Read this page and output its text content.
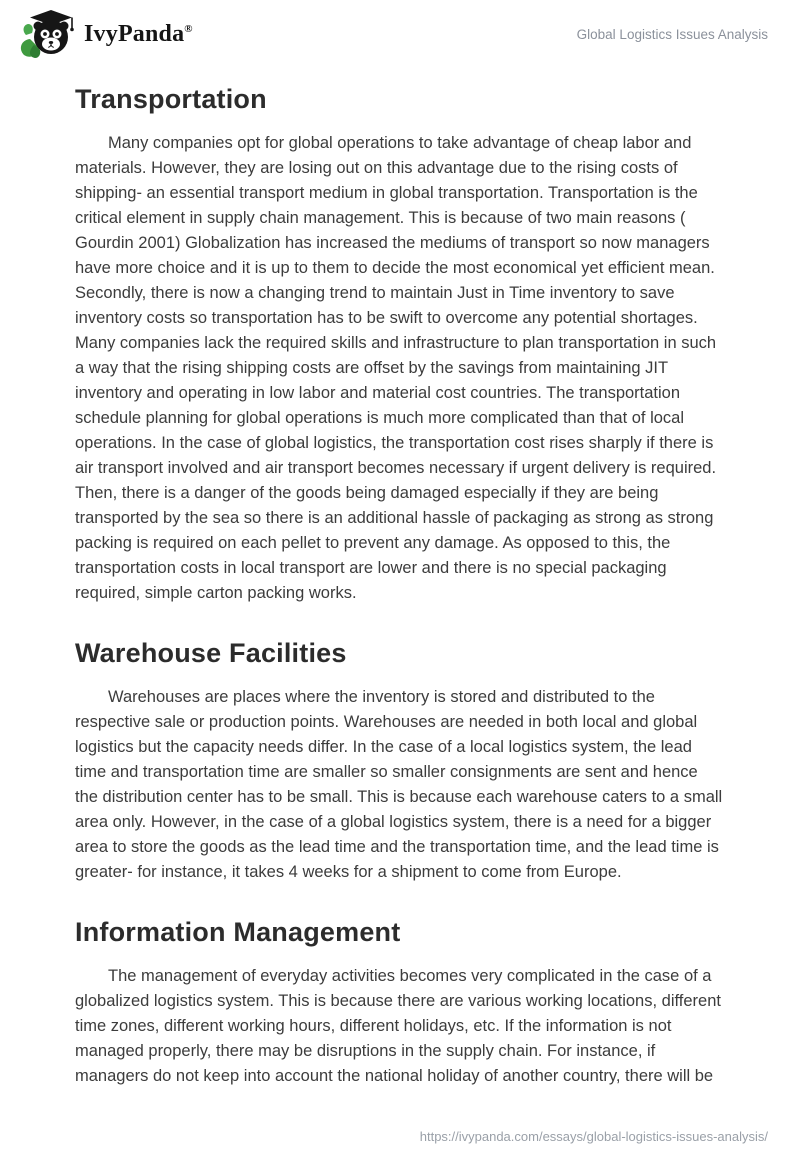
IvyPanda®	Global Logistics Issues Analysis
Transportation

Many companies opt for global operations to take advantage of cheap labor and materials. However, they are losing out on this advantage due to the rising costs of shipping- an essential transport medium in global transportation. Transportation is the critical element in supply chain management. This is because of two main reasons ( Gourdin 2001) Globalization has increased the mediums of transport so now managers have more choice and it is up to them to decide the most economical yet efficient mean. Secondly, there is now a changing trend to maintain Just in Time inventory to save inventory costs so transportation has to be swift to overcome any potential shortages. Many companies lack the required skills and infrastructure to plan transportation in such a way that the rising shipping costs are offset by the savings from maintaining JIT inventory and operating in low labor and material cost countries. The transportation schedule planning for global operations is much more complicated than that of local operations. In the case of global logistics, the transportation cost rises sharply if there is air transport involved and air transport becomes necessary if urgent delivery is required. Then, there is a danger of the goods being damaged especially if they are being transported by the sea so there is an additional hassle of packaging as strong as strong packing is required on each pellet to prevent any damage. As opposed to this, the transportation costs in local transport are lower and there is no special packaging required, simple carton packing works.

Warehouse Facilities

Warehouses are places where the inventory is stored and distributed to the respective sale or production points. Warehouses are needed in both local and global logistics but the capacity needs differ. In the case of a local logistics system, the lead time and transportation time are smaller so smaller consignments are sent and hence the distribution center has to be small. This is because each warehouse caters to a small area only. However, in the case of a global logistics system, there is a need for a bigger area to store the goods as the lead time and the transportation time, and the lead time is greater- for instance, it takes 4 weeks for a shipment to come from Europe.

Information Management

The management of everyday activities becomes very complicated in the case of a globalized logistics system. This is because there are various working locations, different time zones, different working hours, different holidays, etc. If the information is not managed properly, there may be disruptions in the supply chain. For instance, if managers do not keep into account the national holiday of another country, there will be

https://ivypanda.com/essays/global-logistics-issues-analysis/
